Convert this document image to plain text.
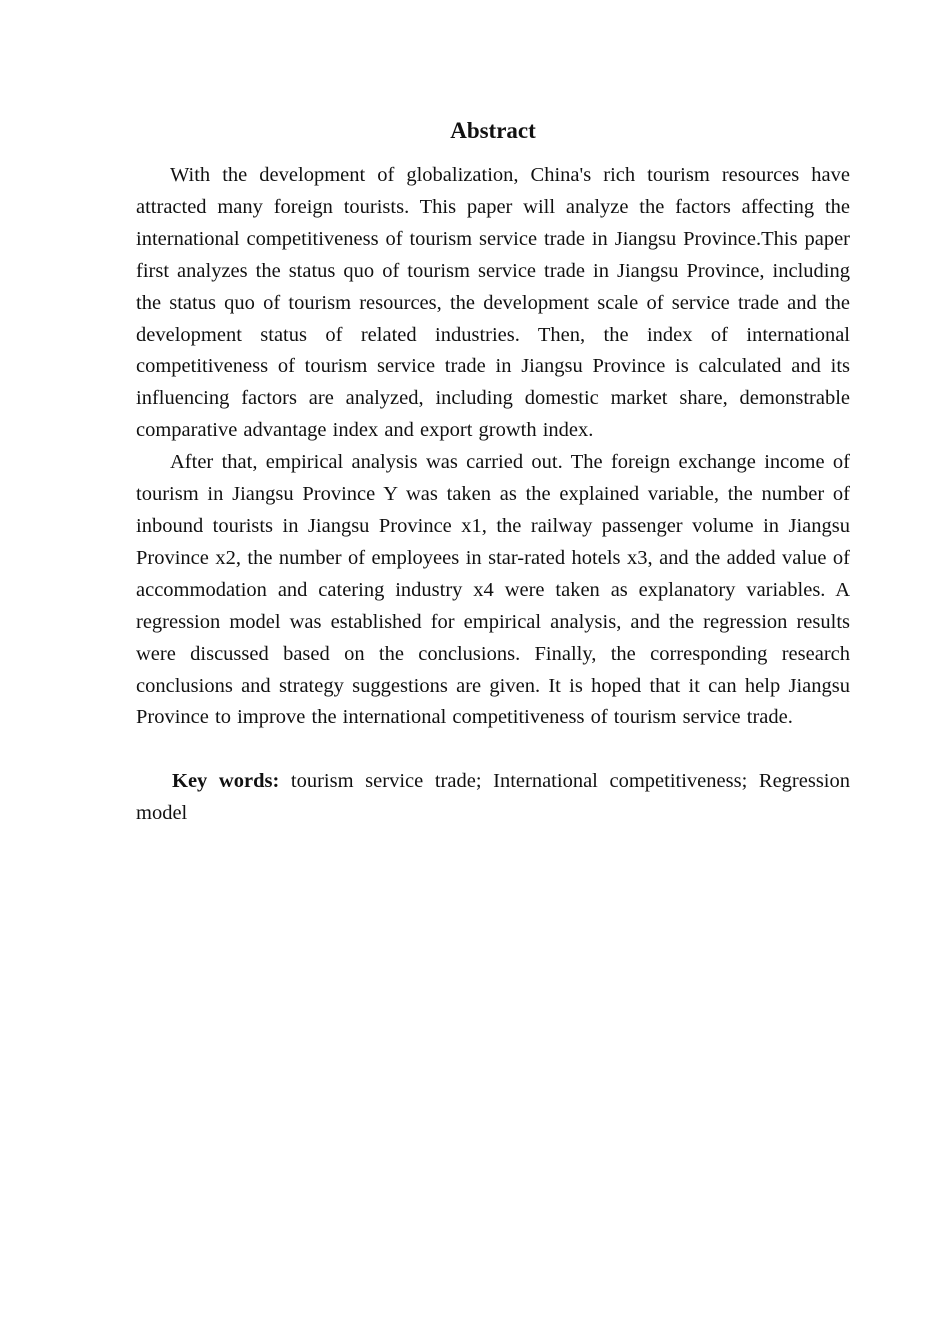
Abstract

With the development of globalization, China's rich tourism resources have attracted many foreign tourists. This paper will analyze the factors affecting the international competitiveness of tourism service trade in Jiangsu Province.This paper first analyzes the status quo of tourism service trade in Jiangsu Province, including the status quo of tourism resources, the development scale of service trade and the development status of related industries. Then, the index of international competitiveness of tourism service trade in Jiangsu Province is calculated and its influencing factors are analyzed, including domestic market share, demonstrable comparative advantage index and export growth index.

After that, empirical analysis was carried out. The foreign exchange income of tourism in Jiangsu Province Y was taken as the explained variable, the number of inbound tourists in Jiangsu Province x1, the railway passenger volume in Jiangsu Province x2, the number of employees in star-rated hotels x3, and the added value of accommodation and catering industry x4 were taken as explanatory variables. A regression model was established for empirical analysis, and the regression results were discussed based on the conclusions. Finally, the corresponding research conclusions and strategy suggestions are given. It is hoped that it can help Jiangsu Province to improve the international competitiveness of tourism service trade.

Key words: tourism service trade; International competitiveness; Regression model
